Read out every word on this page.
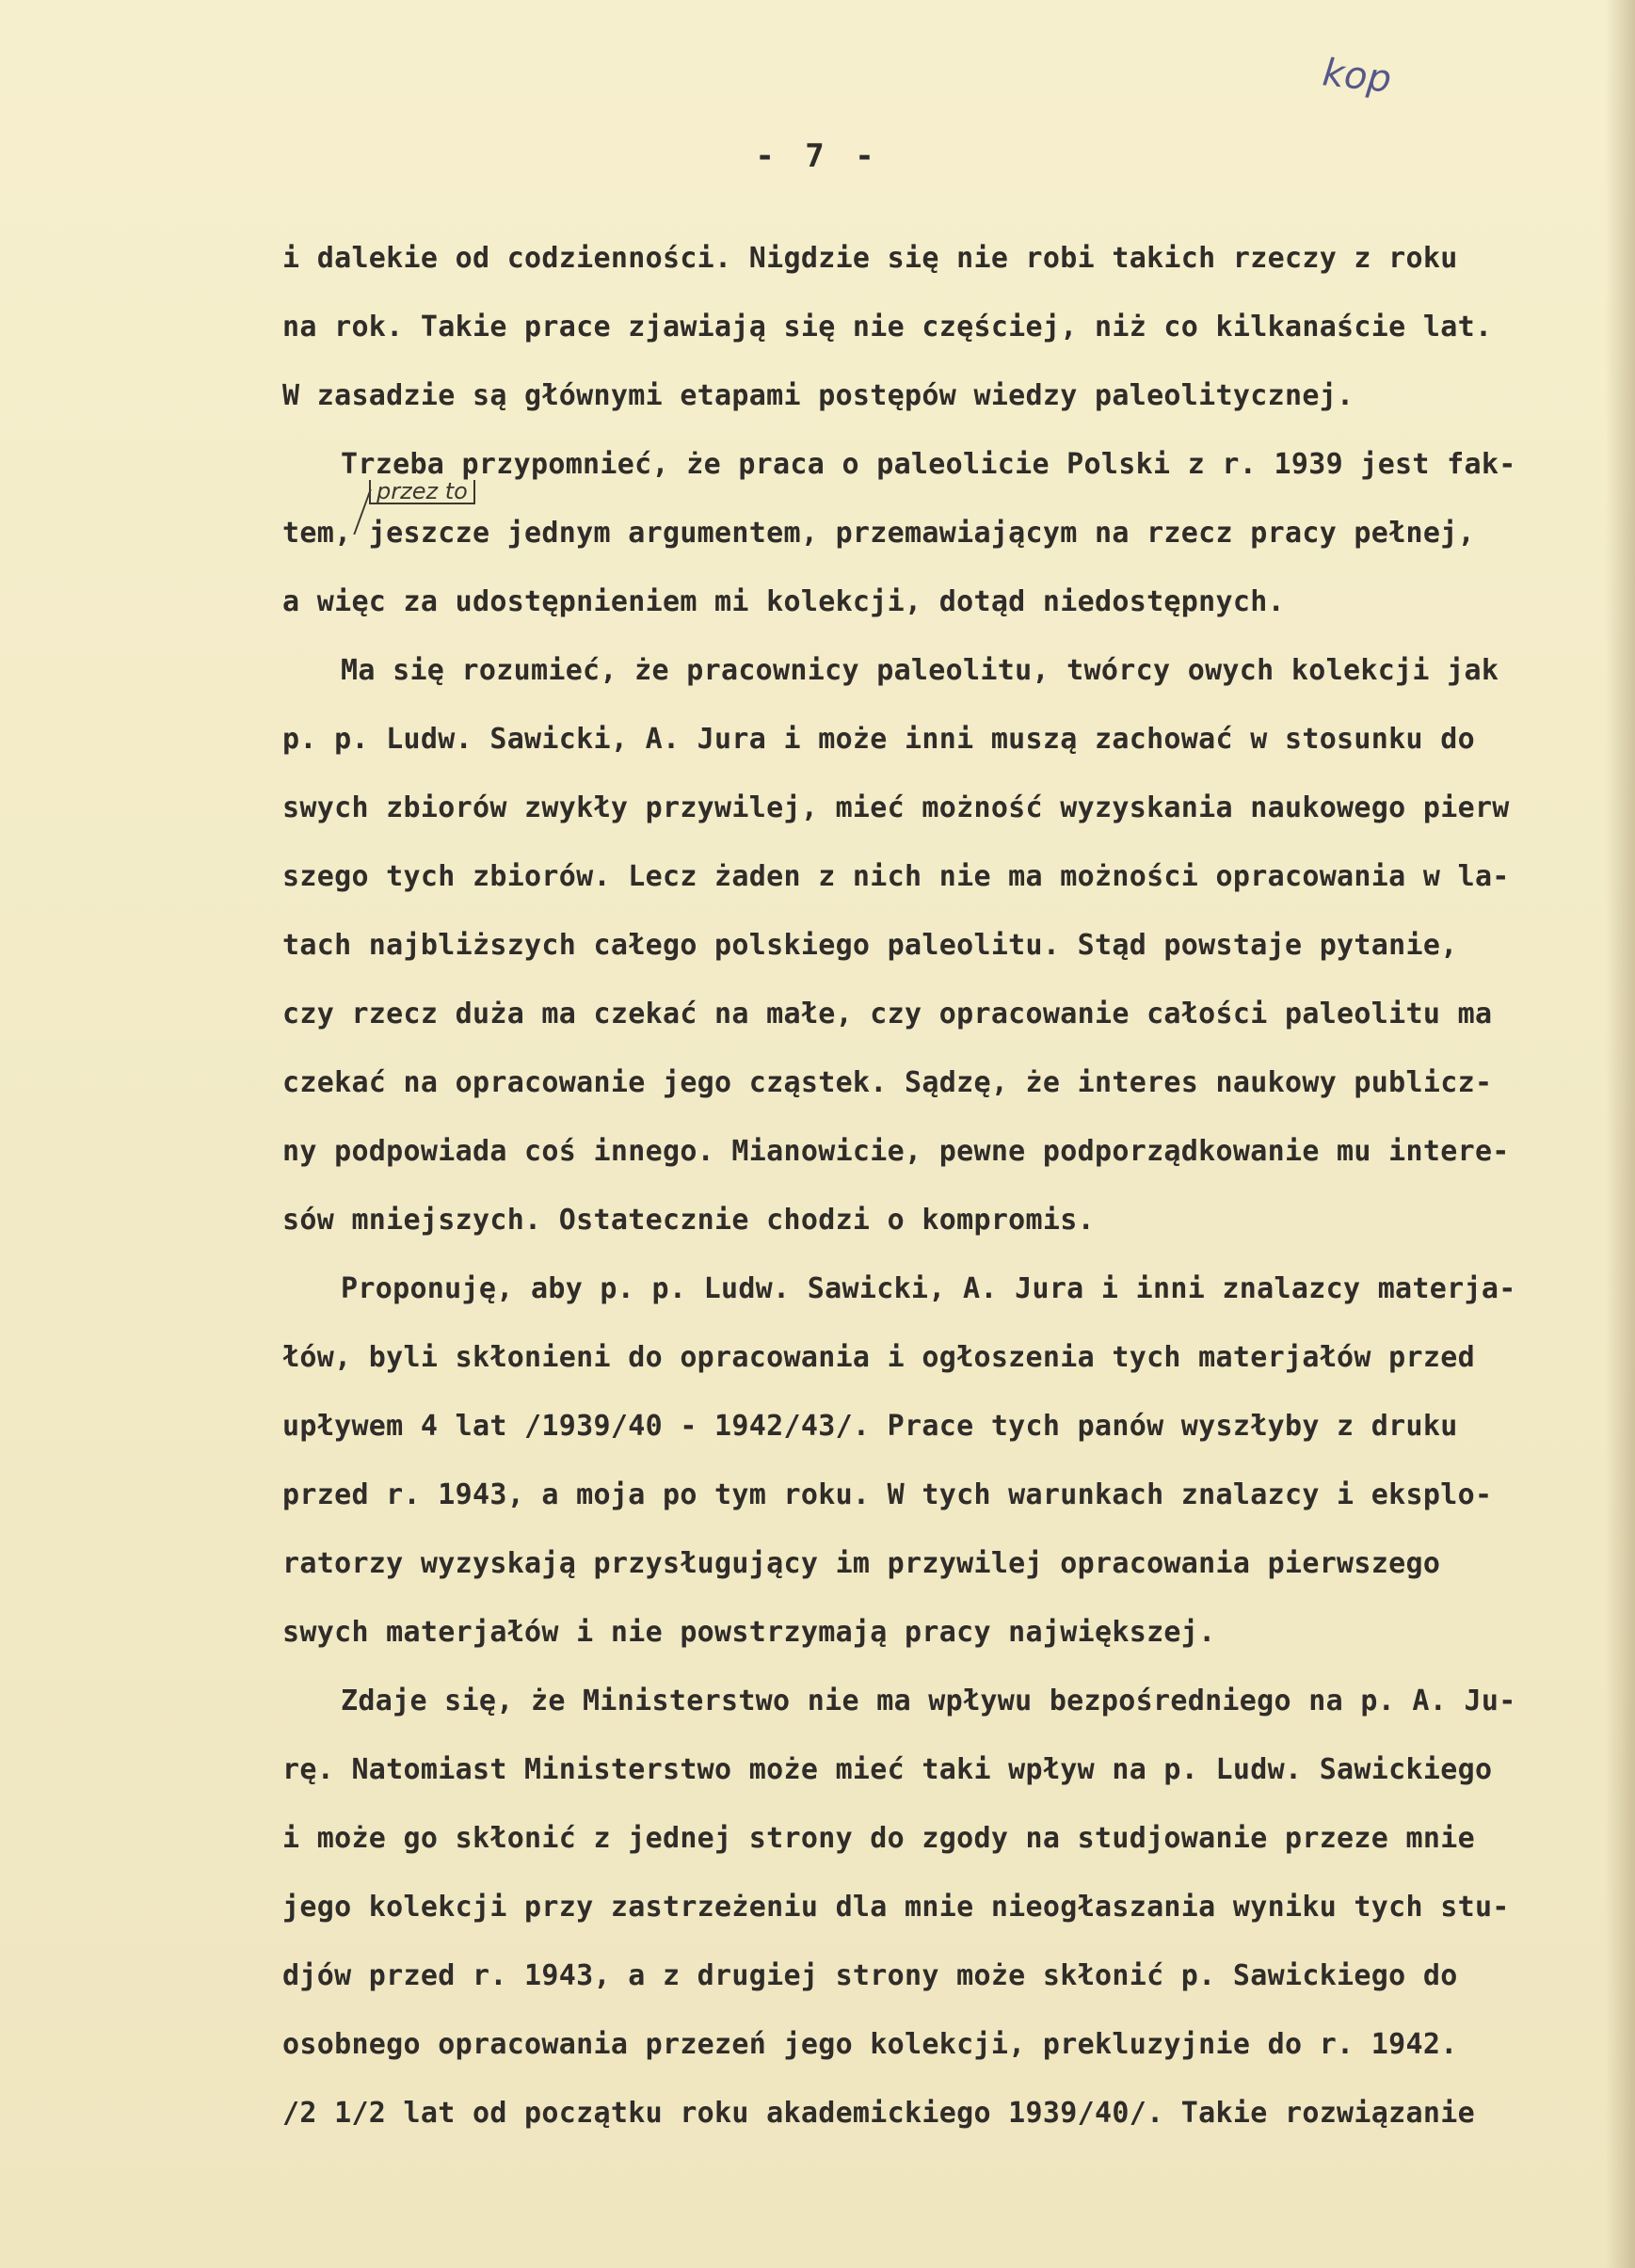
kop
- 7 -
przez to
i dalekie od codzienności. Nigdzie się nie robi takich rzeczy z roku
na rok. Takie prace zjawiają się nie częściej, niż co kilkanaście lat.
W zasadzie są głównymi etapami postępów wiedzy paleolitycznej.
Trzeba przypomnieć, że praca o paleolicie Polski z r. 1939 jest fak-
tem, jeszcze jednym argumentem, przemawiającym na rzecz pracy pełnej,
a więc za udostępnieniem mi kolekcji, dotąd niedostępnych.
Ma się rozumieć, że pracownicy paleolitu, twórcy owych kolekcji jak
p. p. Ludw. Sawicki, A. Jura i może inni muszą zachować w stosunku do
swych zbiorów zwykły przywilej, mieć możność wyzyskania naukowego pierw
szego tych zbiorów. Lecz żaden z nich nie ma możności opracowania w la-
tach najbliższych całego polskiego paleolitu. Stąd powstaje pytanie,
czy rzecz duża ma czekać na małe, czy opracowanie całości paleolitu ma
czekać na opracowanie jego cząstek. Sądzę, że interes naukowy publicz-
ny podpowiada coś innego. Mianowicie, pewne podporządkowanie mu intere-
sów mniejszych. Ostatecznie chodzi o kompromis.
Proponuję, aby p. p. Ludw. Sawicki, A. Jura i inni znalazcy materja-
łów, byli skłonieni do opracowania i ogłoszenia tych materjałów przed
upływem 4 lat /1939/40 - 1942/43/. Prace tych panów wyszłyby z druku
przed r. 1943, a moja po tym roku. W tych warunkach znalazcy i eksplo-
ratorzy wyzyskają przysługujący im przywilej opracowania pierwszego
swych materjałów i nie powstrzymają pracy największej.
Zdaje się, że Ministerstwo nie ma wpływu bezpośredniego na p. A. Ju-
rę. Natomiast Ministerstwo może mieć taki wpływ na p. Ludw. Sawickiego
i może go skłonić z jednej strony do zgody na studjowanie przeze mnie
jego kolekcji przy zastrzeżeniu dla mnie nieogłaszania wyniku tych stu-
djów przed r. 1943, a z drugiej strony może skłonić p. Sawickiego do
osobnego opracowania przezeń jego kolekcji, prekluzyjnie do r. 1942.
/2 1/2 lat od początku roku akademickiego 1939/40/. Takie rozwiązanie
